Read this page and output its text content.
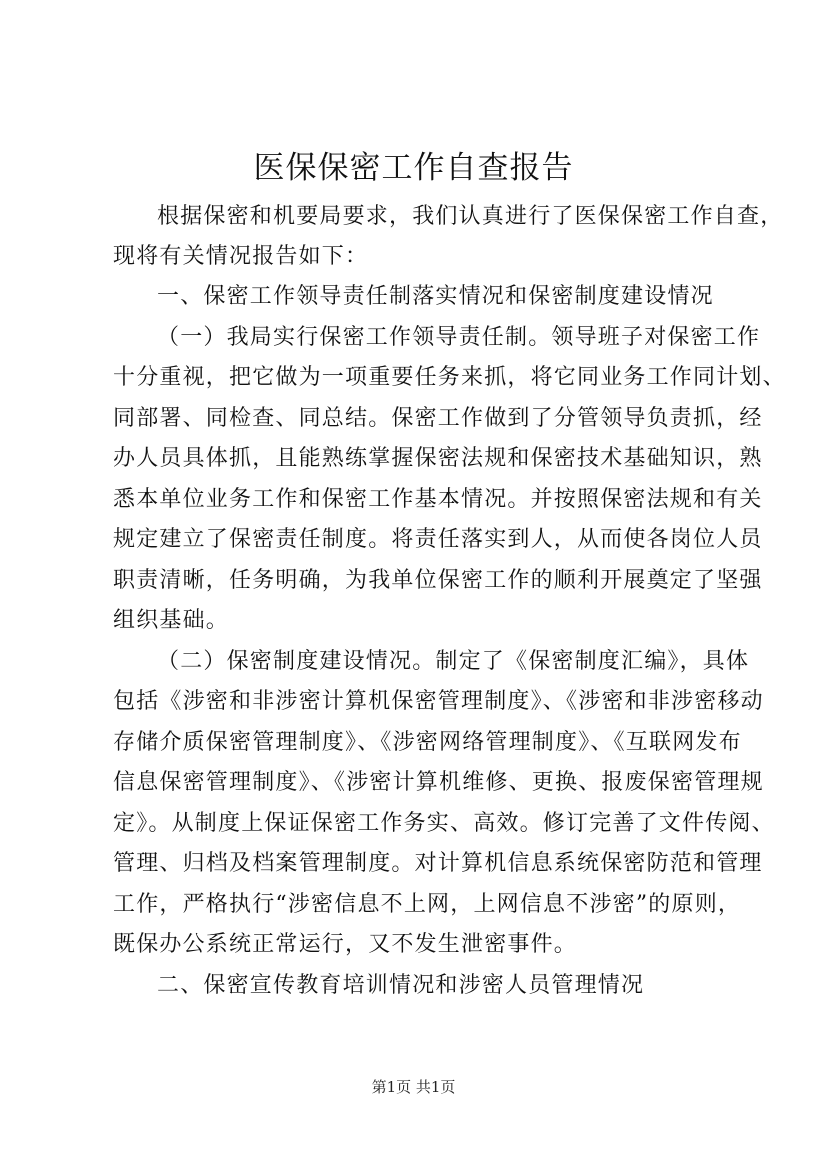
医保保密工作自查报告

根据保密和机要局要求，我们认真进行了医保保密工作自查，

现将有关情况报告如下：

一、保密工作领导责任制落实情况和保密制度建设情况

（一）我局实行保密工作领导责任制。领导班子对保密工作

十分重视，把它做为一项重要任务来抓，将它同业务工作同计划、

同部署、同检查、同总结。保密工作做到了分管领导负责抓，经

办人员具体抓，且能熟练掌握保密法规和保密技术基础知识，熟

悉本单位业务工作和保密工作基本情况。并按照保密法规和有关

规定建立了保密责任制度。将责任落实到人，从而使各岗位人员

职责清晰，任务明确，为我单位保密工作的顺利开展奠定了坚强

组织基础。

（二）保密制度建设情况。制定了《保密制度汇编》，具体

包括《涉密和非涉密计算机保密管理制度》、《涉密和非涉密移动

存储介质保密管理制度》、《涉密网络管理制度》、《互联网发布

信息保密管理制度》、《涉密计算机维修、更换、报废保密管理规

定》。从制度上保证保密工作务实、高效。修订完善了文件传阅、

管理、归档及档案管理制度。对计算机信息系统保密防范和管理

工作，严格执行“涉密信息不上网，上网信息不涉密”的原则，

既保办公系统正常运行，又不发生泄密事件。

二、保密宣传教育培训情况和涉密人员管理情况

第1页 共1页
